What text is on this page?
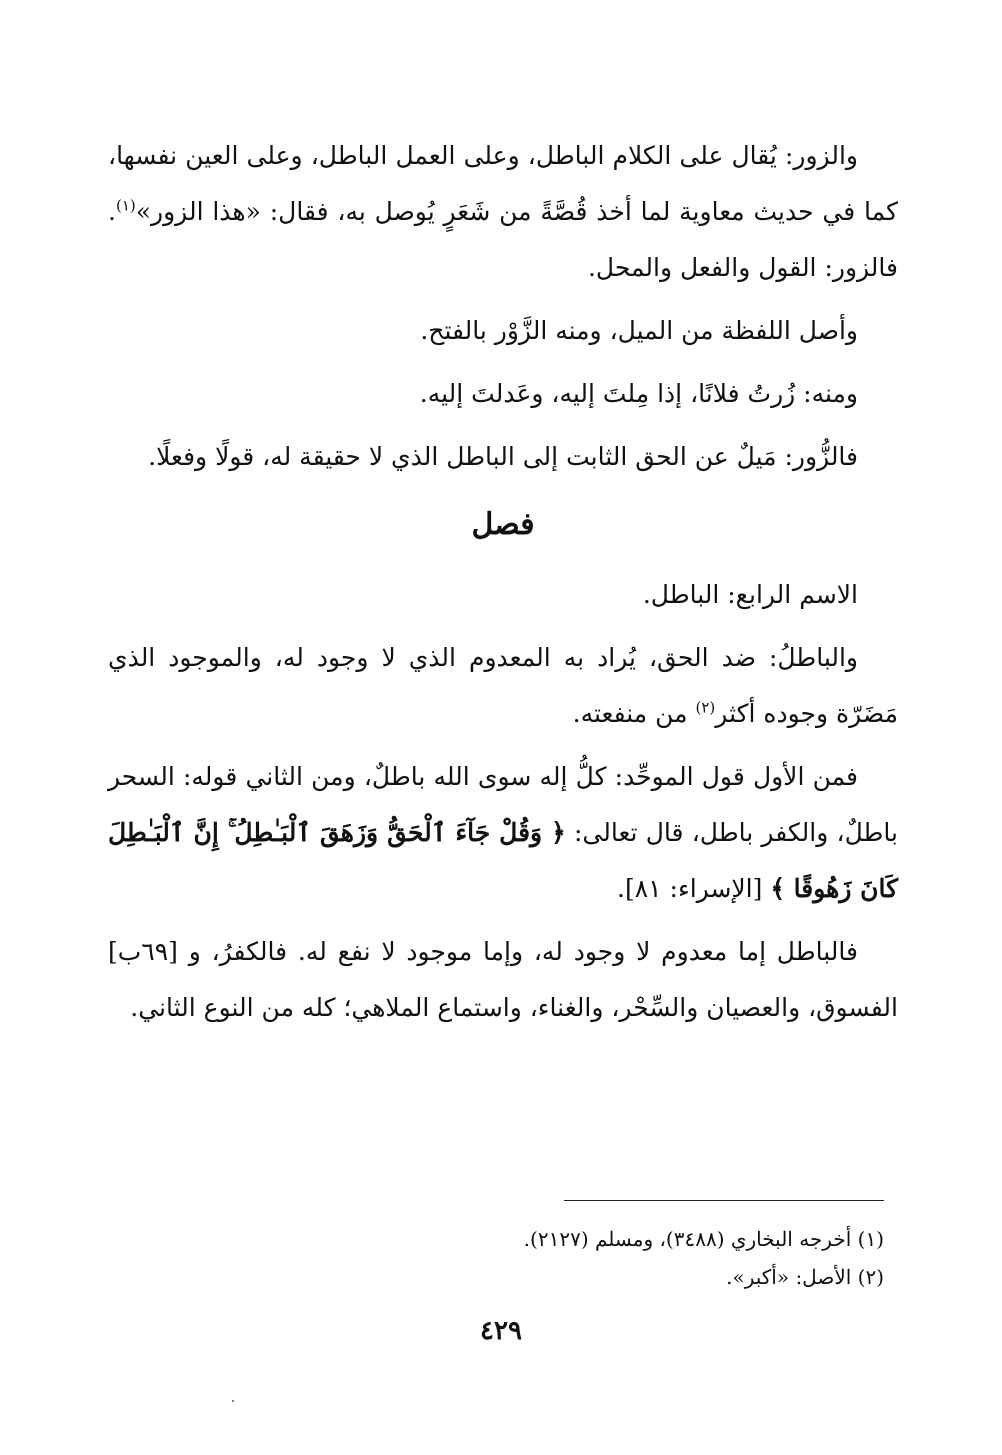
والزور: يُقال على الكلام الباطل، وعلى العمل الباطل، وعلى العين نفسها، كما في حديث معاوية لما أخذ قُصَّةً من شَعَرٍ يُوصل به، فقال: «هذا الزور»$^{(١)}$. فالزور: القول والفعل والمحل.

وأصل اللفظة من الميل، ومنه الزَّوْر بالفتح.

ومنه: زُرتُ فلانًا، إذا مِلتَ إليه، وعَدلتَ إليه.

فالزُّور: مَيلٌ عن الحق الثابت إلى الباطل الذي لا حقيقة له، قولًا وفعلًا.

فصل

الاسم الرابع: الباطل.

والباطلُ: ضد الحق، يُراد به المعدوم الذي لا وجود له، والموجود الذي مَضَرّة وجوده أكثر$^{(٢)}$ من منفعته.

فمن الأول قول الموحِّد: كلُّ إله سوى الله باطلٌ، ومن الثاني قوله: السحر باطلٌ، والكفر باطل، قال تعالى: ﴿ وَقُلْ جَآءَ ٱلْحَقُّ وَزَهَقَ ٱلْبَـٰطِلُ ۚ إِنَّ ٱلْبَـٰطِلَ كَانَ زَهُوقًا ﴾ [الإسراء: ٨١].

فالباطل إما معدوم لا وجود له، وإما موجود لا نفع له. فالكفرُ، و [٦٩ب] الفسوق، والعصيان والسِّحْر، والغناء، واستماع الملاهي؛ كله من النوع الثاني.

(١) أخرجه البخاري (٣٤٨٨)، ومسلم (٢١٢٧).

(٢) الأصل: «أكبر».

٤٢٩
